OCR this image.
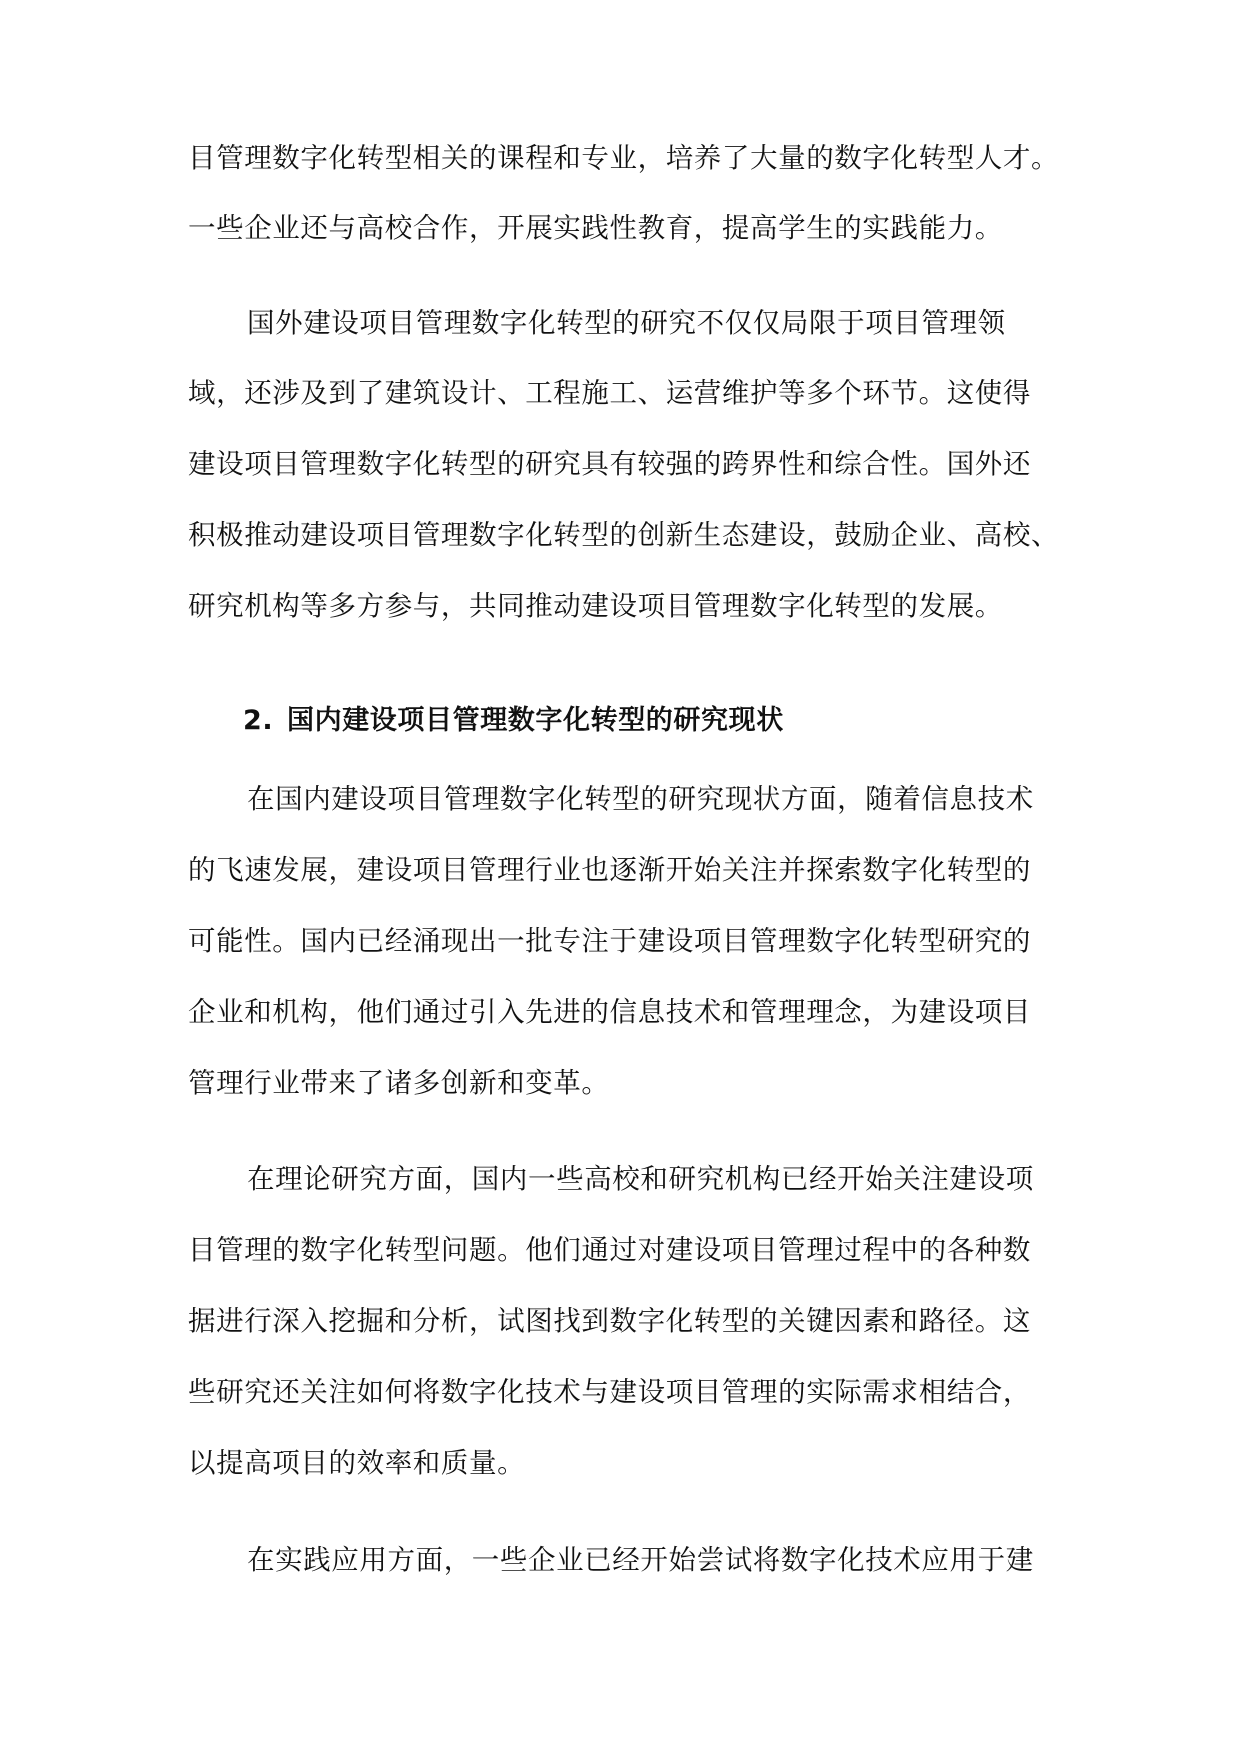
目管理数字化转型相关的课程和专业，培养了大量的数字化转型人才。
一些企业还与高校合作，开展实践性教育，提高学生的实践能力。
国外建设项目管理数字化转型的研究不仅仅局限于项目管理领
域，还涉及到了建筑设计、工程施工、运营维护等多个环节。这使得
建设项目管理数字化转型的研究具有较强的跨界性和综合性。国外还
积极推动建设项目管理数字化转型的创新生态建设，鼓励企业、高校、
研究机构等多方参与，共同推动建设项目管理数字化转型的发展。
2. 国内建设项目管理数字化转型的研究现状
在国内建设项目管理数字化转型的研究现状方面，随着信息技术
的飞速发展，建设项目管理行业也逐渐开始关注并探索数字化转型的
可能性。国内已经涌现出一批专注于建设项目管理数字化转型研究的
企业和机构，他们通过引入先进的信息技术和管理理念，为建设项目
管理行业带来了诸多创新和变革。
在理论研究方面，国内一些高校和研究机构已经开始关注建设项
目管理的数字化转型问题。他们通过对建设项目管理过程中的各种数
据进行深入挖掘和分析，试图找到数字化转型的关键因素和路径。这
些研究还关注如何将数字化技术与建设项目管理的实际需求相结合，
以提高项目的效率和质量。
在实践应用方面，一些企业已经开始尝试将数字化技术应用于建
